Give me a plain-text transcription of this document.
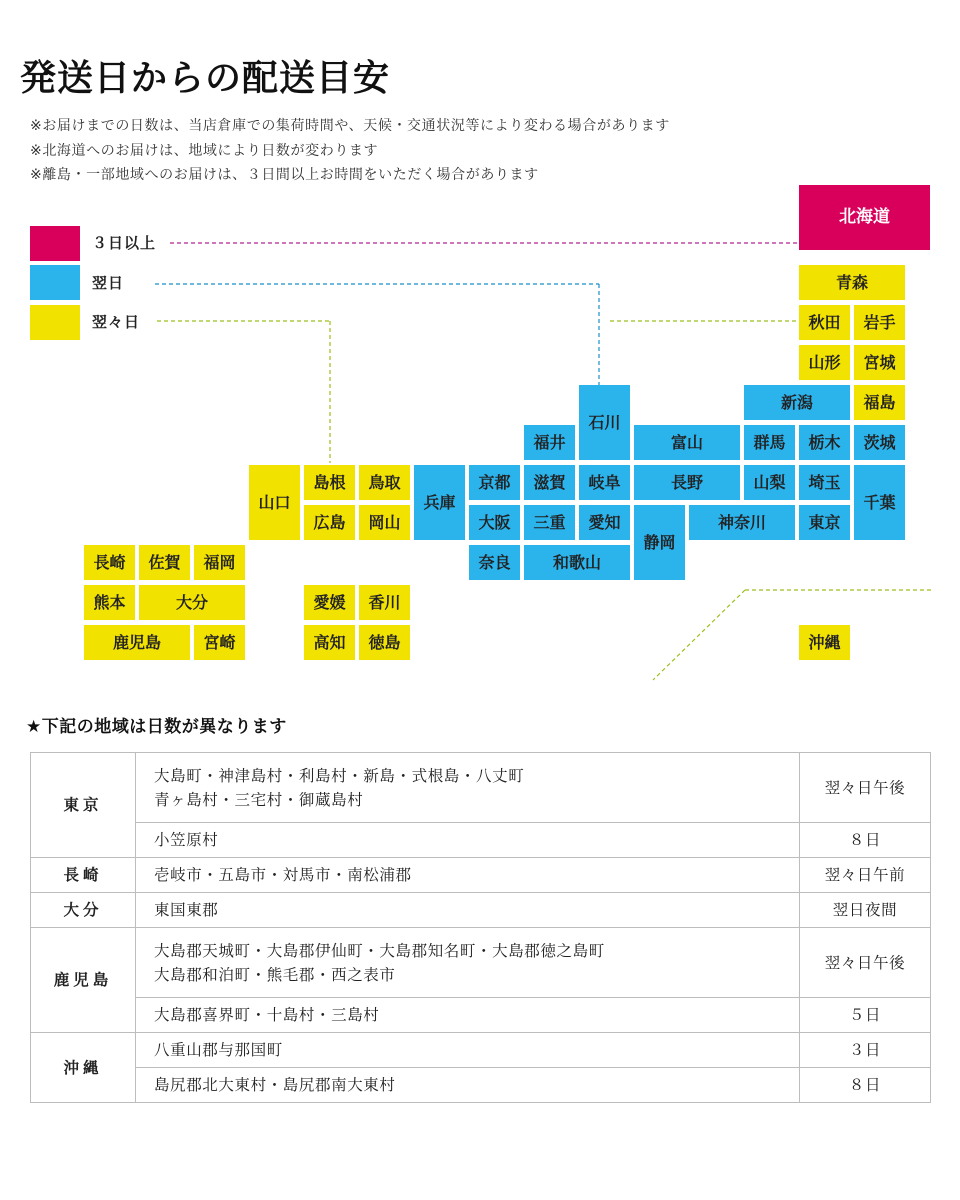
発送日からの配送目安
※お届けまでの日数は、当店倉庫での集荷時間や、天候・交通状況等により変わる場合があります
※北海道へのお届けは、地域により日数が変わります
※離島・一部地域へのお届けは、３日間以上お時間をいただく場合があります
３日以上
翌日
翌々日
北海道
青森
秋田	岩手
山形	宮城
福島
新潟
石川
福井	富山	群馬	栃木	茨城
山口
島根	鳥取
広島	岡山
兵庫
京都	滋賀	岐阜	長野	山梨	埼玉
千葉
大阪	三重	愛知
静岡
神奈川	東京
奈良	和歌山
長崎	佐賀	福岡
熊本	大分
鹿児島	宮崎
愛媛	香川
高知	徳島	沖縄
★下記の地域は日数が異なります
東京	大島町・神津島村・利島村・新島・式根島・八丈町
青ヶ島村・三宅村・御蔵島村	翌々日午後

	小笠原村	８日
長崎	壱岐市・五島市・対馬市・南松浦郡	翌々日午前
大分	東国東郡	翌日夜間
鹿児島	大島郡天城町・大島郡伊仙町・大島郡知名町・大島郡徳之島町
大島郡和泊町・熊毛郡・西之表市	翌々日午後

	大島郡喜界町・十島村・三島村	５日
沖縄	八重山郡与那国町	３日

	島尻郡北大東村・島尻郡南大東村	８日
